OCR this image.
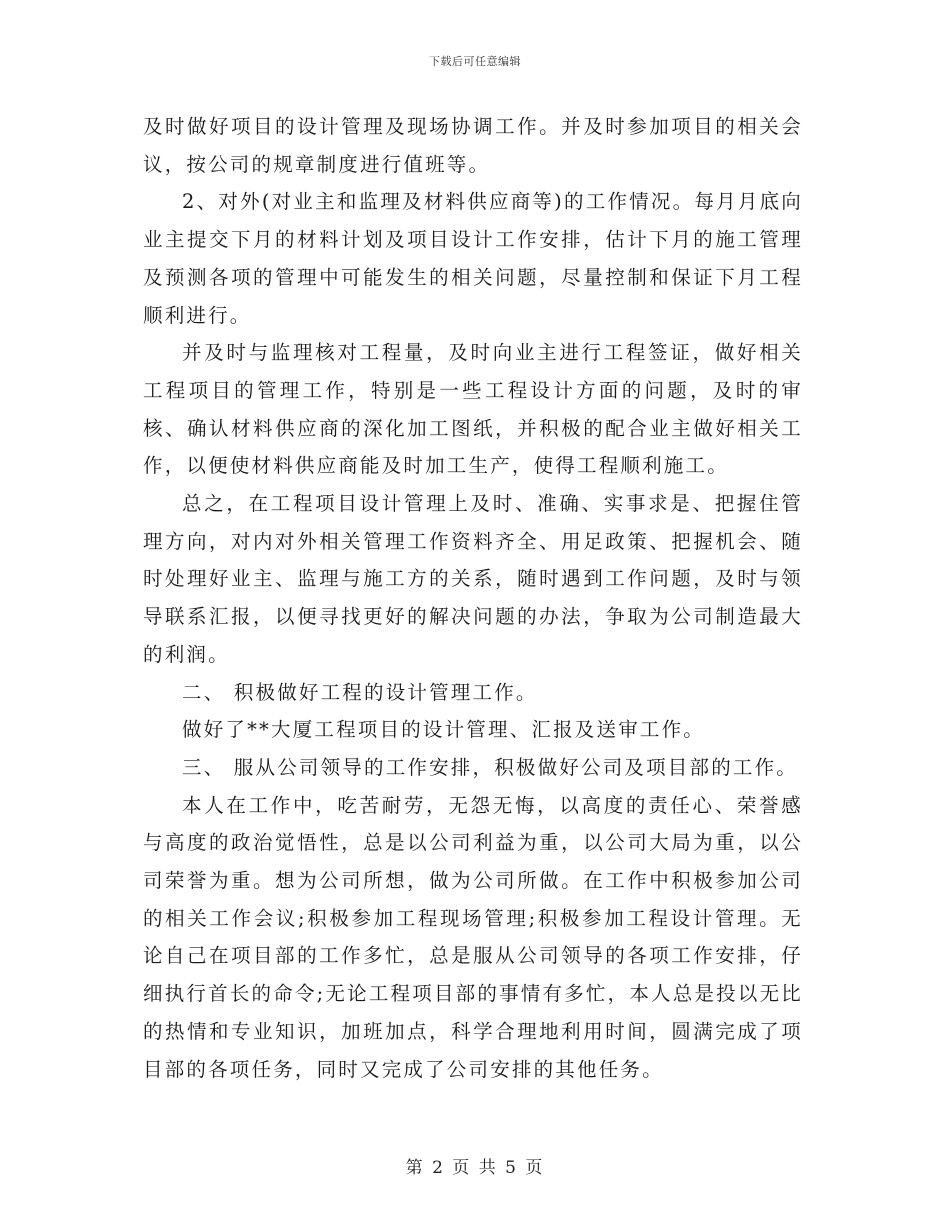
下载后可任意编辑

及时做好项目的设计管理及现场协调工作。并及时参加项目的相关会议，按公司的规章制度进行值班等。

2、对外(对业主和监理及材料供应商等)的工作情况。每月月底向业主提交下月的材料计划及项目设计工作安排，估计下月的施工管理及预测各项的管理中可能发生的相关问题，尽量控制和保证下月工程顺利进行。

并及时与监理核对工程量，及时向业主进行工程签证，做好相关工程项目的管理工作，特别是一些工程设计方面的问题，及时的审核、确认材料供应商的深化加工图纸，并积极的配合业主做好相关工作，以便使材料供应商能及时加工生产，使得工程顺利施工。

总之，在工程项目设计管理上及时、准确、实事求是、把握住管理方向，对内对外相关管理工作资料齐全、用足政策、把握机会、随时处理好业主、监理与施工方的关系，随时遇到工作问题，及时与领导联系汇报，以便寻找更好的解决问题的办法，争取为公司制造最大的利润。

二、 积极做好工程的设计管理工作。

做好了**大厦工程项目的设计管理、汇报及送审工作。

三、 服从公司领导的工作安排，积极做好公司及项目部的工作。

本人在工作中，吃苦耐劳，无怨无悔，以高度的责任心、荣誉感与高度的政治觉悟性，总是以公司利益为重，以公司大局为重，以公司荣誉为重。想为公司所想，做为公司所做。在工作中积极参加公司的相关工作会议;积极参加工程现场管理;积极参加工程设计管理。无论自己在项目部的工作多忙，总是服从公司领导的各项工作安排，仔细执行首长的命令;无论工程项目部的事情有多忙，本人总是投以无比的热情和专业知识，加班加点，科学合理地利用时间，圆满完成了项目部的各项任务，同时又完成了公司安排的其他任务。

第 2 页 共 5 页
